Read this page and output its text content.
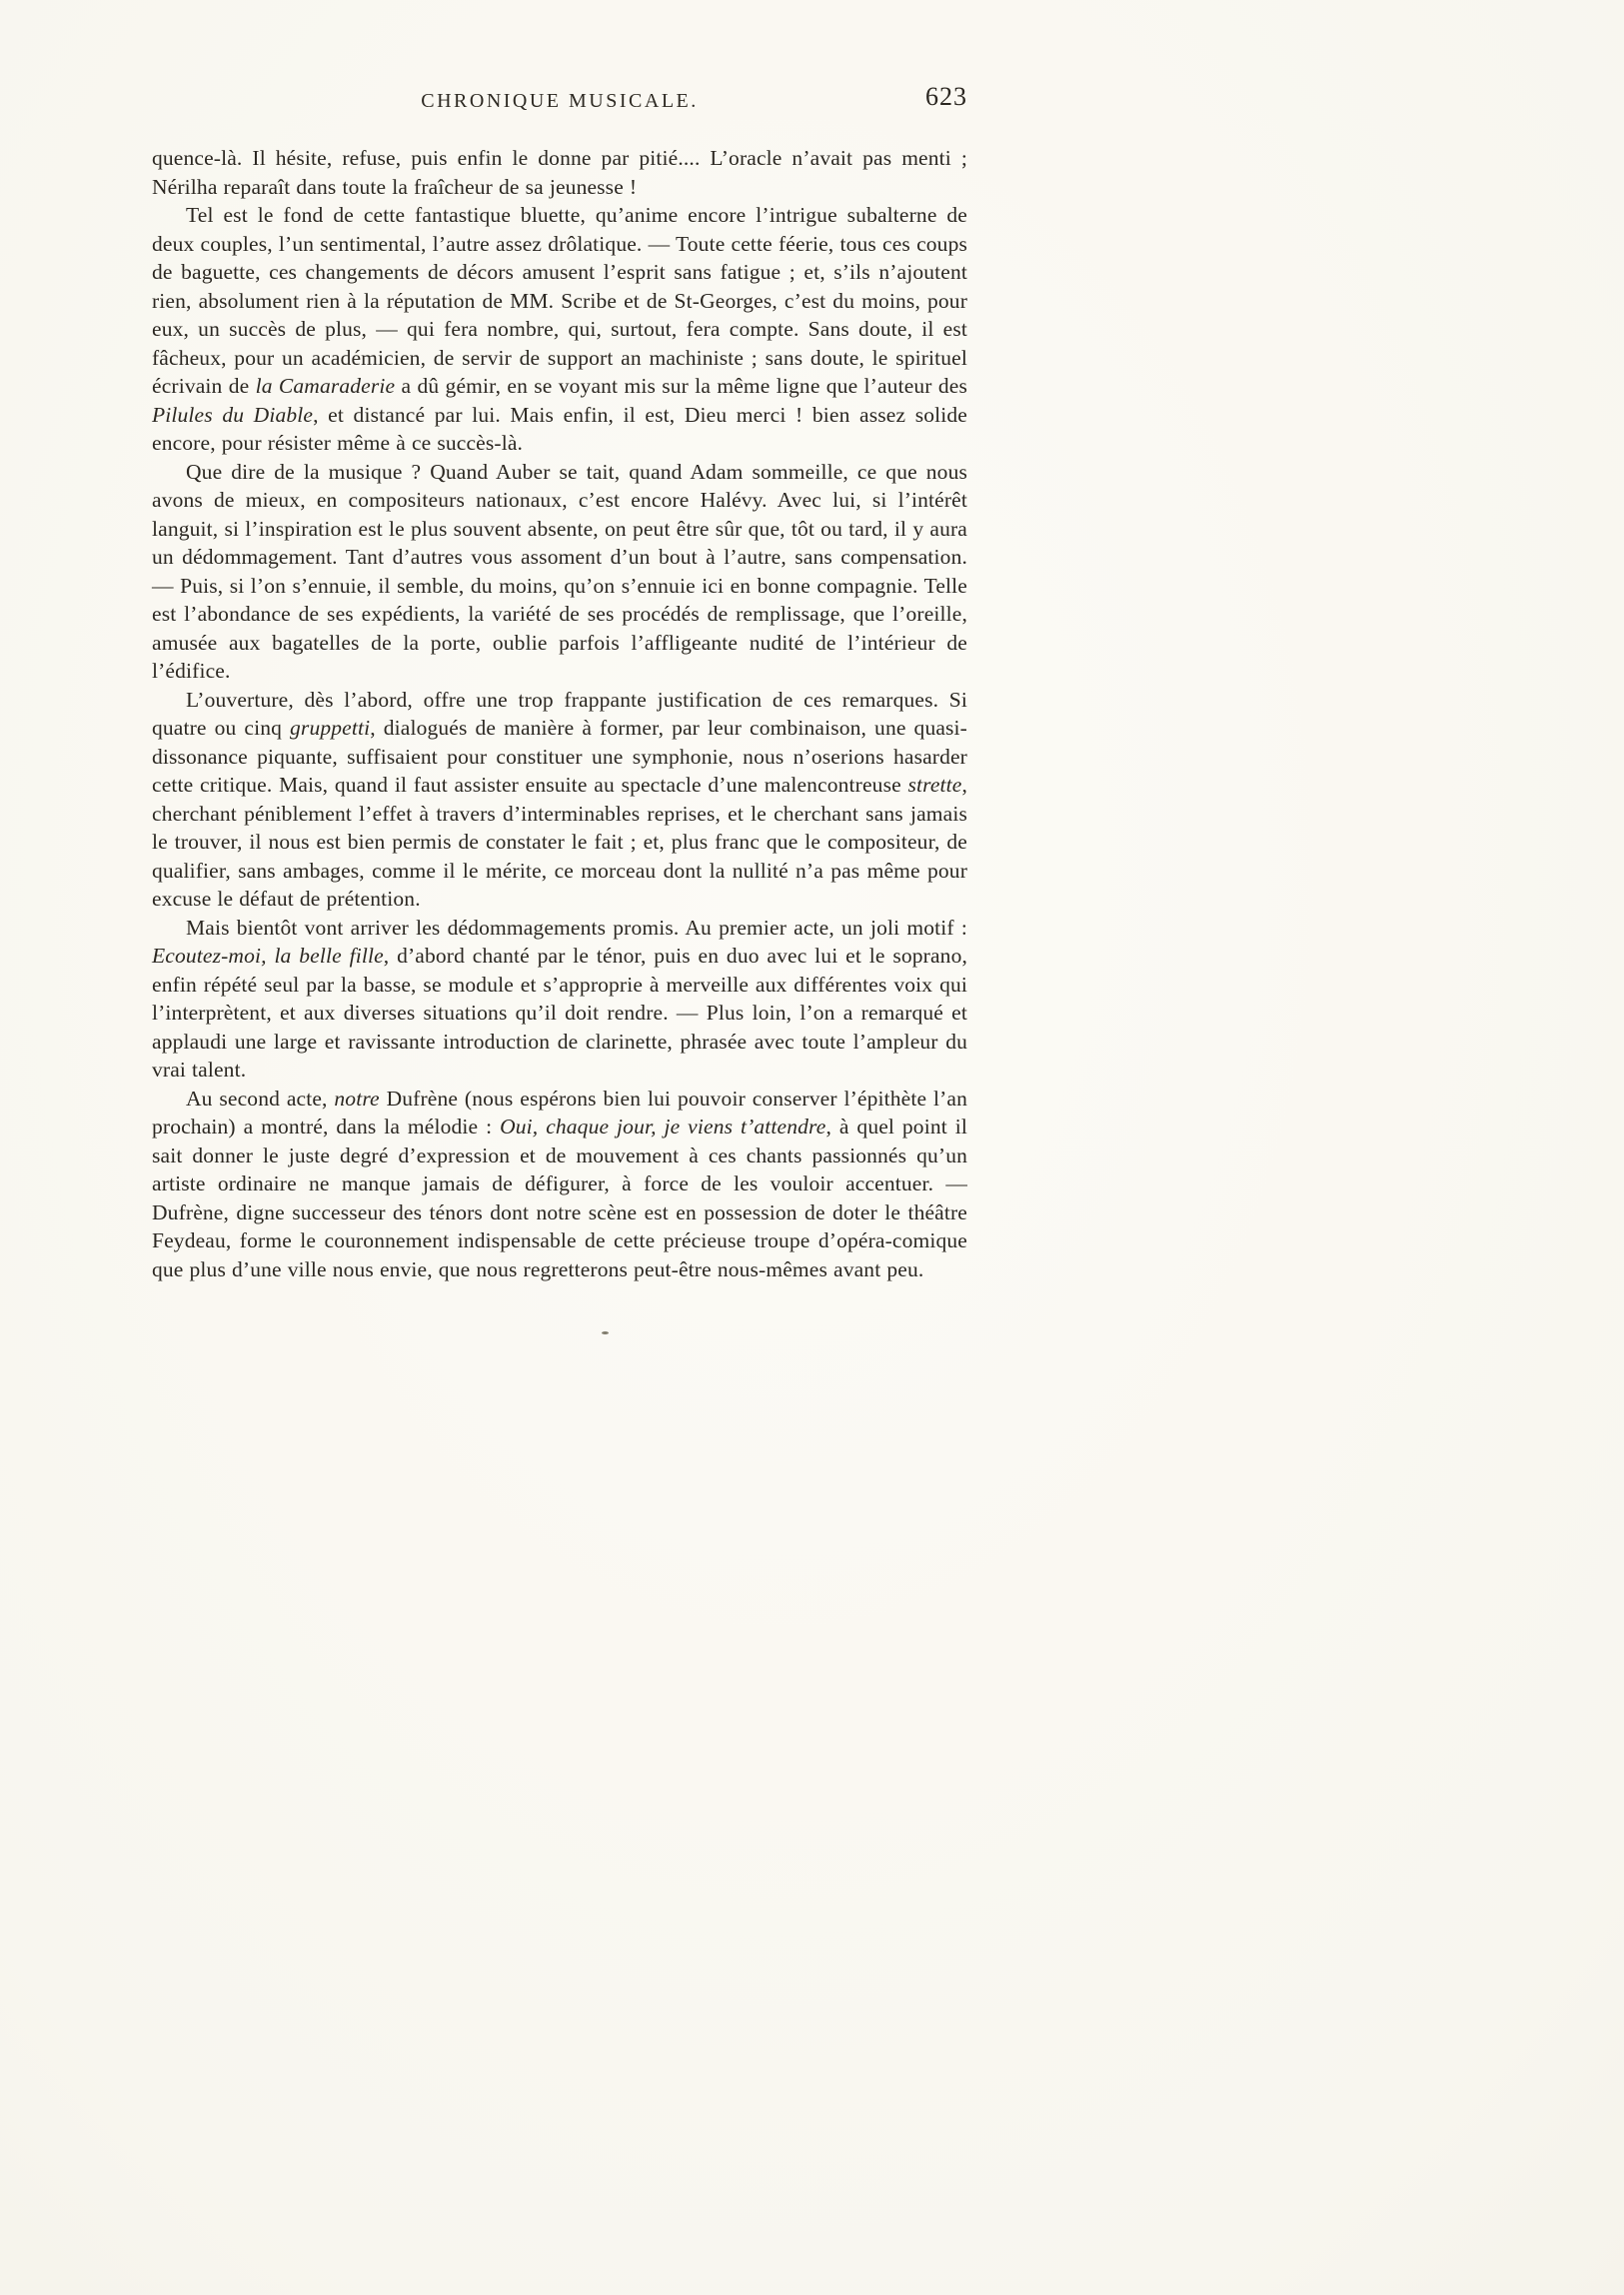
CHRONIQUE MUSICALE.	623

quence-là. Il hésite, refuse, puis enfin le donne par pitié.... L’oracle n’avait pas menti ; Nérilha reparaît dans toute la fraîcheur de sa jeunesse !

Tel est le fond de cette fantastique bluette, qu’anime encore l’intrigue subalterne de deux couples, l’un sentimental, l’autre assez drôlatique. — Toute cette féerie, tous ces coups de baguette, ces changements de décors amusent l’esprit sans fatigue ; et, s’ils n’ajoutent rien, absolument rien à la réputation de MM. Scribe et de St-Georges, c’est du moins, pour eux, un succès de plus, — qui fera nombre, qui, surtout, fera compte. Sans doute, il est fâcheux, pour un académicien, de servir de support an machiniste ; sans doute, le spirituel écrivain de la Camaraderie a dû gémir, en se voyant mis sur la même ligne que l’auteur des Pilules du Diable, et distancé par lui. Mais enfin, il est, Dieu merci ! bien assez solide encore, pour résister même à ce succès-là.

Que dire de la musique ? Quand Auber se tait, quand Adam sommeille, ce que nous avons de mieux, en compositeurs nationaux, c’est encore Halévy. Avec lui, si l’intérêt languit, si l’inspiration est le plus souvent absente, on peut être sûr que, tôt ou tard, il y aura un dédommagement. Tant d’autres vous assoment d’un bout à l’autre, sans compensation. — Puis, si l’on s’ennuie, il semble, du moins, qu’on s’ennuie ici en bonne compagnie. Telle est l’abondance de ses expédients, la variété de ses procédés de remplissage, que l’oreille, amusée aux bagatelles de la porte, oublie parfois l’affligeante nudité de l’intérieur de l’édifice.

L’ouverture, dès l’abord, offre une trop frappante justification de ces remarques. Si quatre ou cinq gruppetti, dialogués de manière à former, par leur combinaison, une quasi-dissonance piquante, suffisaient pour constituer une symphonie, nous n’oserions hasarder cette critique. Mais, quand il faut assister ensuite au spectacle d’une malencontreuse strette, cherchant péniblement l’effet à travers d’interminables reprises, et le cherchant sans jamais le trouver, il nous est bien permis de constater le fait ; et, plus franc que le compositeur, de qualifier, sans ambages, comme il le mérite, ce morceau dont la nullité n’a pas même pour excuse le défaut de prétention.

Mais bientôt vont arriver les dédommagements promis. Au premier acte, un joli motif : Ecoutez-moi, la belle fille, d’abord chanté par le ténor, puis en duo avec lui et le soprano, enfin répété seul par la basse, se module et s’approprie à merveille aux différentes voix qui l’interprètent, et aux diverses situations qu’il doit rendre. — Plus loin, l’on a remarqué et applaudi une large et ravissante introduction de clarinette, phrasée avec toute l’ampleur du vrai talent.

Au second acte, notre Dufrène (nous espérons bien lui pouvoir conserver l’épithète l’an prochain) a montré, dans la mélodie : Oui, chaque jour, je viens t’attendre, à quel point il sait donner le juste degré d’expression et de mouvement à ces chants passionnés qu’un artiste ordinaire ne manque jamais de défigurer, à force de les vouloir accentuer. — Dufrène, digne successeur des ténors dont notre scène est en possession de doter le théâtre Feydeau, forme le couronnement indispensable de cette précieuse troupe d’opéra-comique que plus d’une ville nous envie, que nous regretterons peut-être nous-mêmes avant peu.
